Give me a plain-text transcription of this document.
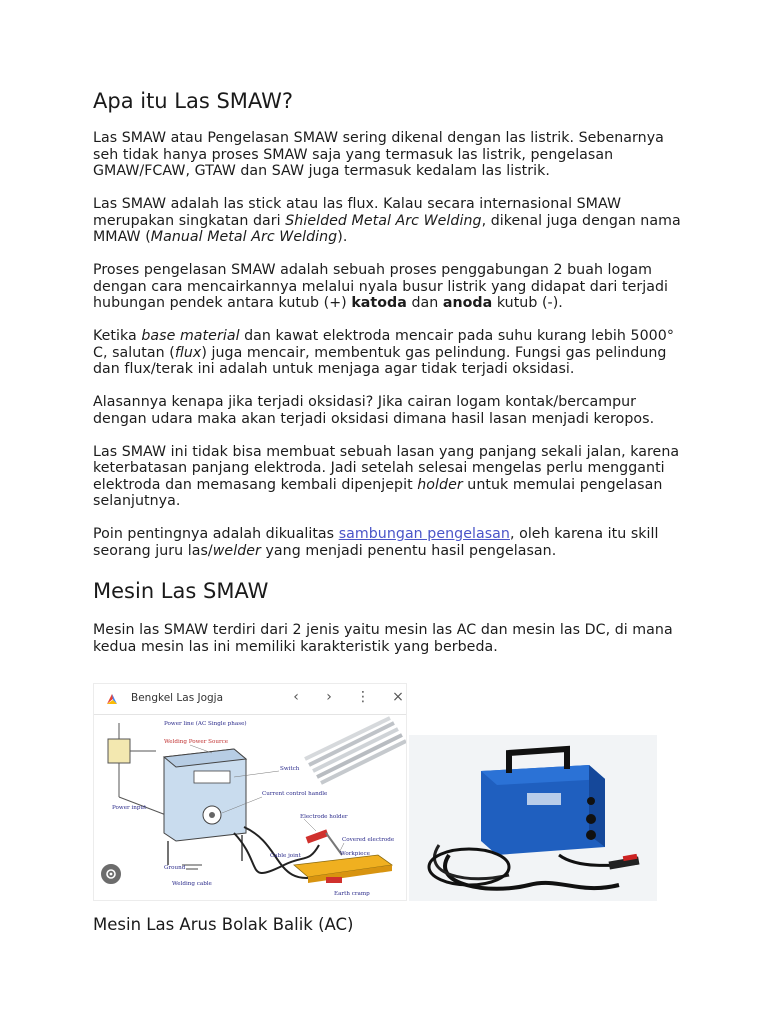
Apa itu Las SMAW?

Las SMAW atau Pengelasan SMAW sering dikenal dengan las listrik. Sebenarnya seh tidak hanya proses SMAW saja yang termasuk las listrik, pengelasan GMAW/FCAW, GTAW dan SAW juga termasuk kedalam las listrik.

Las SMAW adalah las stick atau las flux. Kalau secara internasional SMAW merupakan singkatan dari Shielded Metal Arc Welding, dikenal juga dengan nama MMAW (Manual Metal Arc Welding).

Proses pengelasan SMAW adalah sebuah proses penggabungan 2 buah logam dengan cara mencairkannya melalui nyala busur listrik yang didapat dari terjadi hubungan pendek antara kutub (+) katoda dan anoda kutub (-).

Ketika base material dan kawat elektroda mencair pada suhu kurang lebih 5000° C, salutan (flux) juga mencair, membentuk gas pelindung. Fungsi gas pelindung dan flux/terak ini adalah untuk menjaga agar tidak terjadi oksidasi.

Alasannya kenapa jika terjadi oksidasi? Jika cairan logam kontak/bercampur dengan udara maka akan terjadi oksidasi dimana hasil lasan menjadi keropos.

Las SMAW ini tidak bisa membuat sebuah lasan yang panjang sekali jalan, karena keterbatasan panjang elektroda. Jadi setelah selesai mengelas perlu mengganti elektroda dan memasang kembali dipenjepit holder untuk memulai pengelasan selanjutnya.

Poin pentingnya adalah dikualitas sambungan pengelasan, oleh karena itu skill seorang juru las/welder yang menjadi penentu hasil pengelasan.

Mesin Las SMAW

Mesin las SMAW terdiri dari 2 jenis yaitu mesin las AC dan mesin las DC, di mana kedua mesin las ini memiliki karakteristik yang berbeda.

Bengkel Las Jogja	‹	›	⋮ ×
Power line (AC Single phase)
Welding Power Source
Switch
Current control handle
Electrode holder
Covered electrode
Power input
Cable joint	Workpiece
Ground
Welding cable
Earth cramp
Mesin Las Arus Bolak Balik (AC)
